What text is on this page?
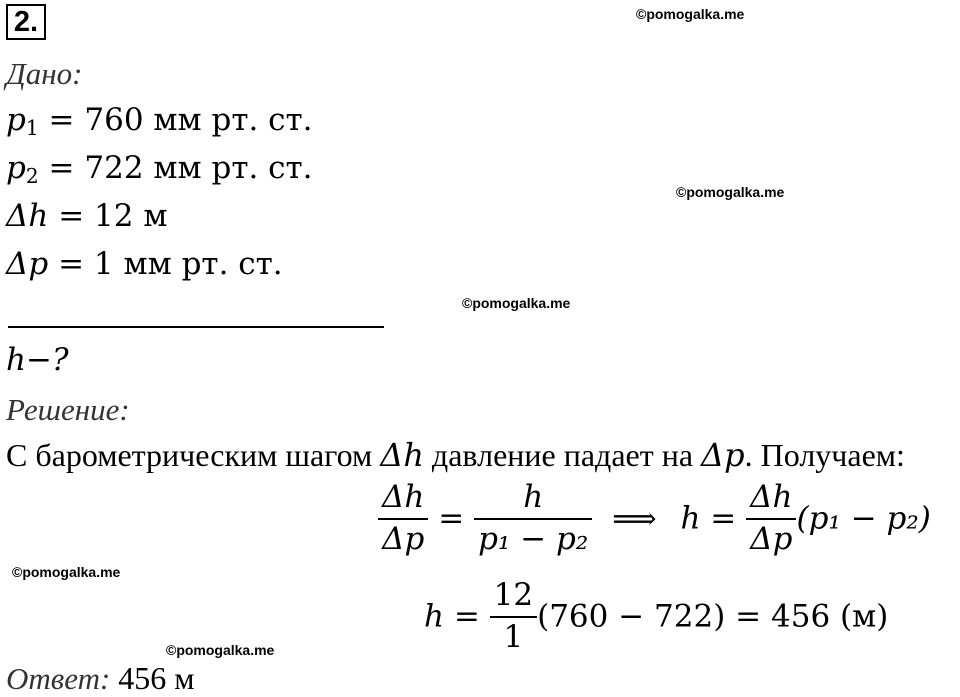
2.	©pomogalka.me
©pomogalka.me
©pomogalka.me
©pomogalka.me
©pomogalka.me
Дано:
$p_1 = 760$ мм рт. ст.
$p_2 = 722$ мм рт. ст.
Δh = 12 м
Δp = 1 мм рт. ст.
h−?
Решение:
С барометрическим шагом Δh давление падает на Δp. Получаем:
$\frac{\Delta h}{\Delta p} = \frac{h}{\text{p₁ − p₂}}$ ⟹ $h = \frac{\Delta h}{\Delta p} (p_1 - p_2)$
$h = \frac{12}{1} (760 - 722) = 456$ (м)
Ответ: 456 м
